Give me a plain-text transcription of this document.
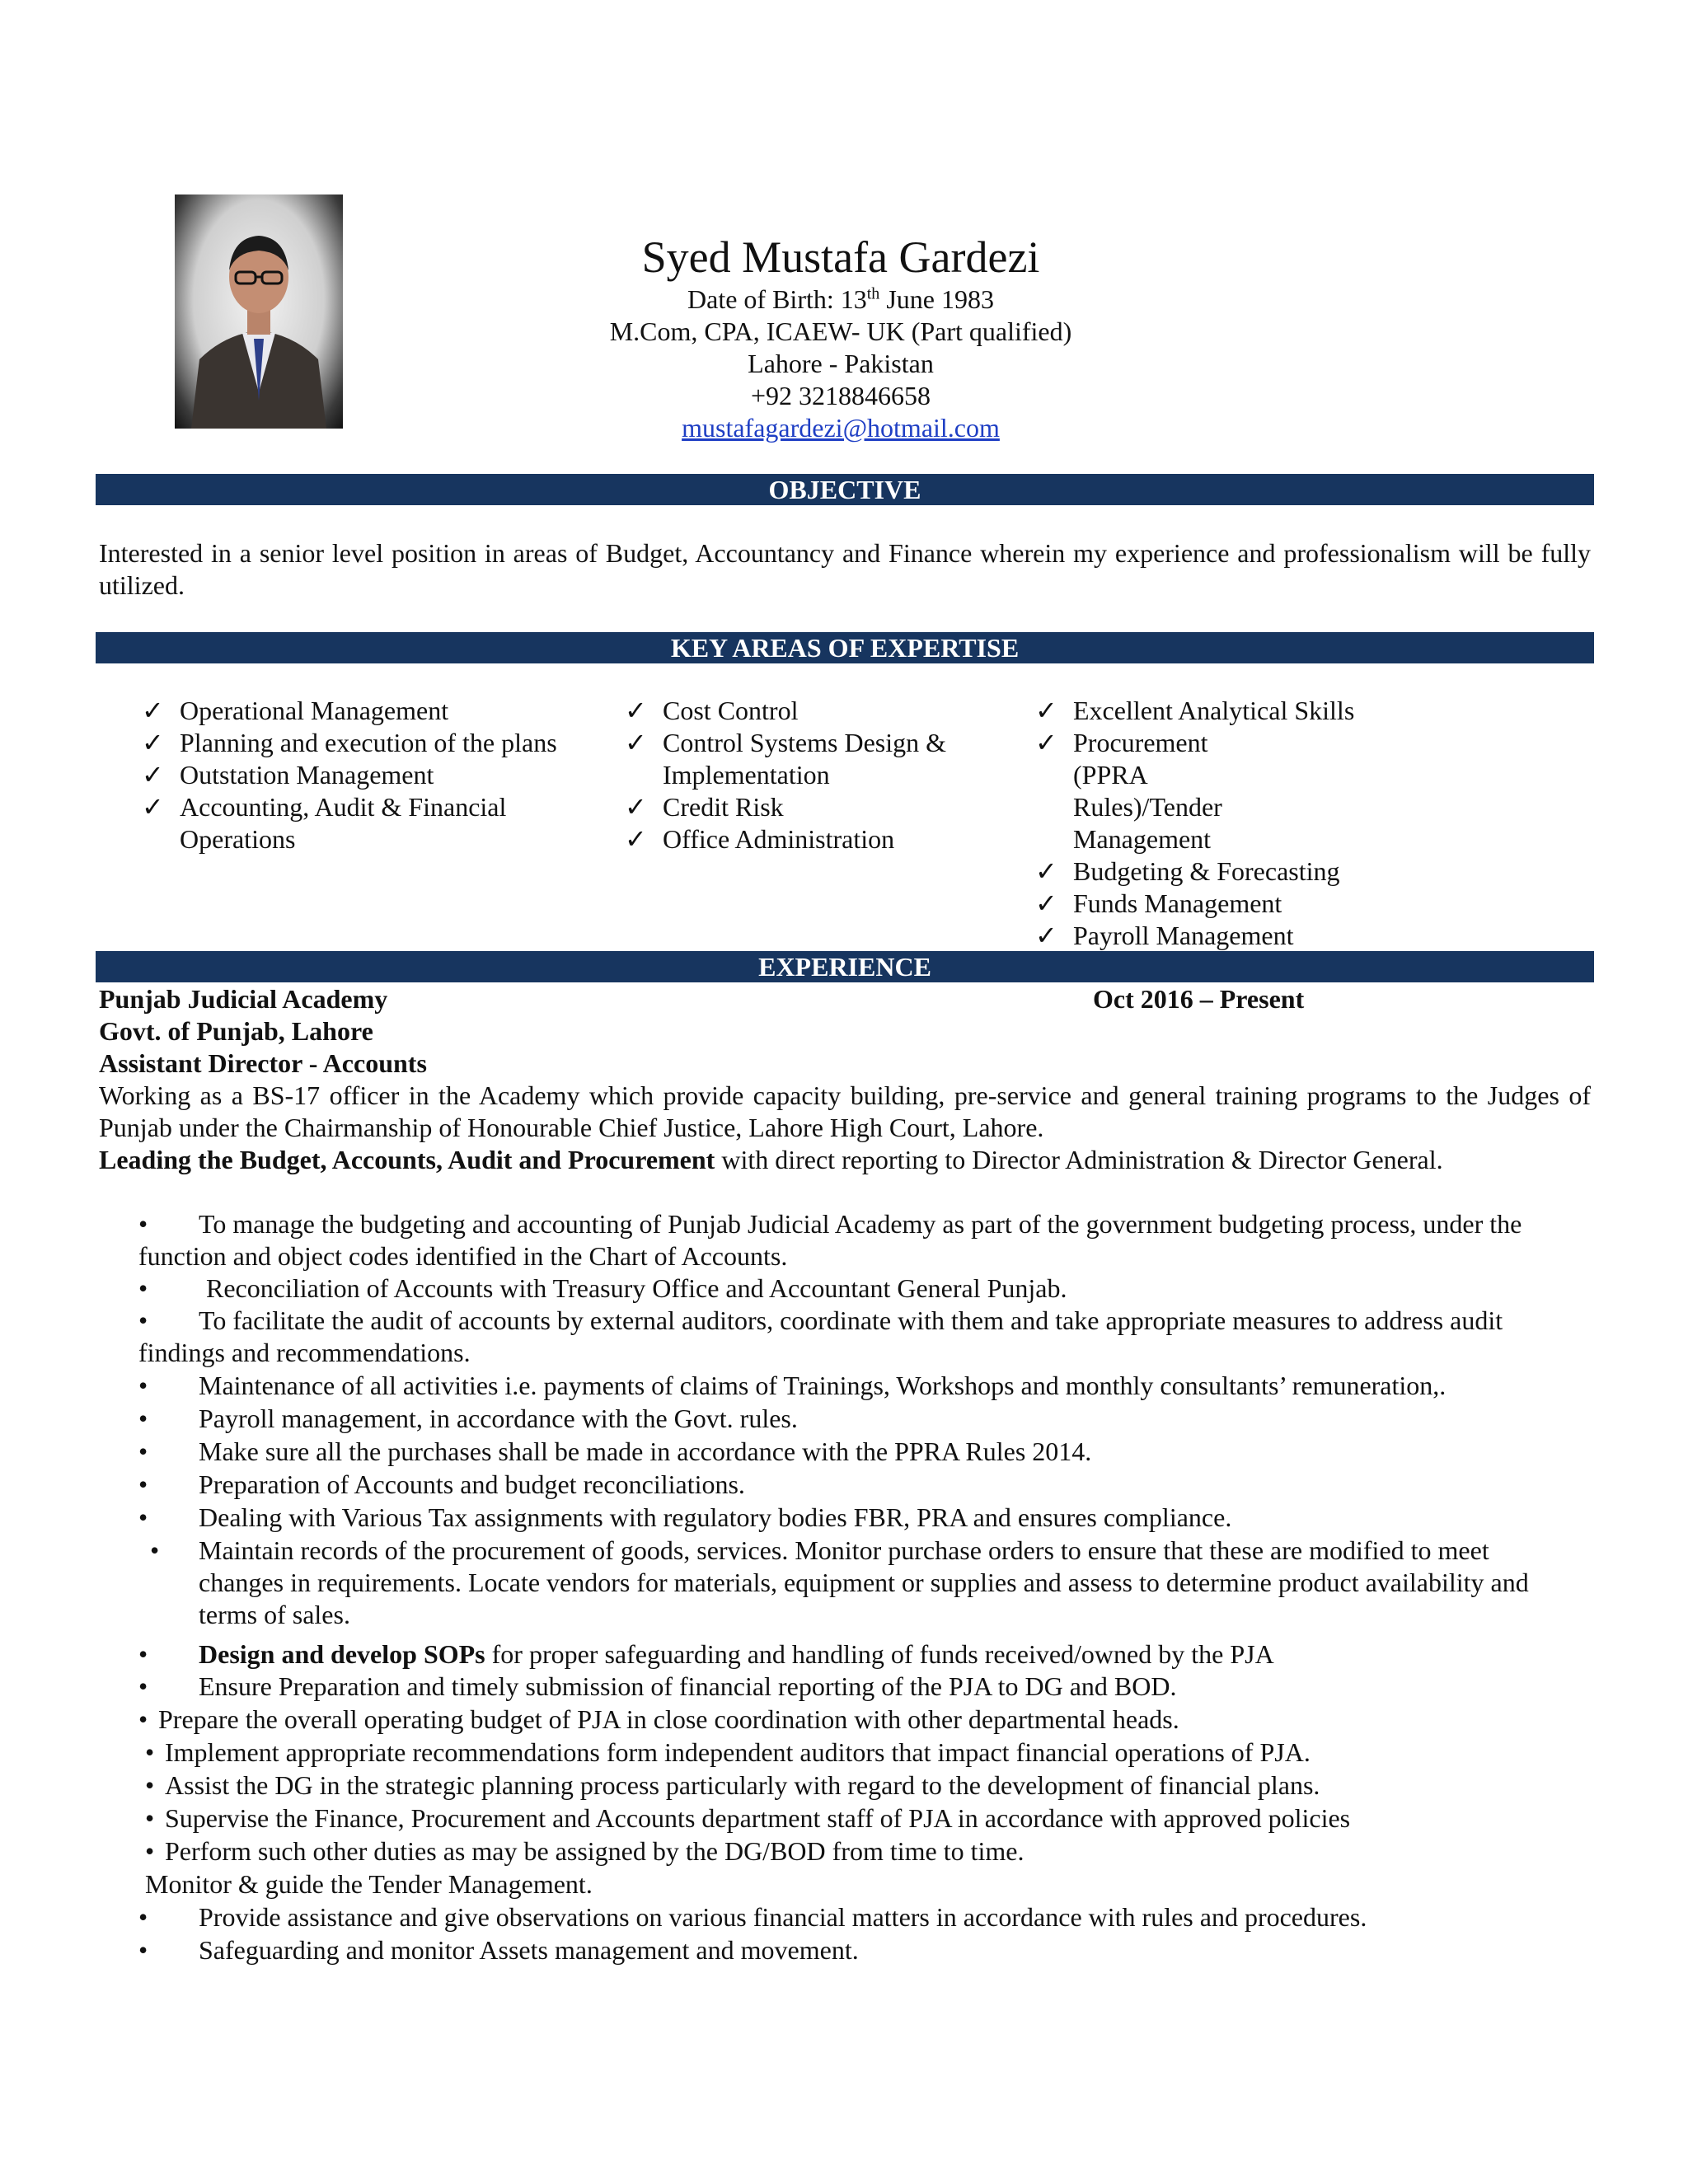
Syed Mustafa Gardezi
Date of Birth: 13th June 1983
M.Com, CPA, ICAEW- UK (Part qualified)
Lahore - Pakistan
+92 3218846658
mustafagardezi@hotmail.com
OBJECTIVE
Interested in a senior level position in areas of Budget, Accountancy and Finance wherein my experience and professionalism will be fully utilized.
KEY AREAS OF EXPERTISE
✓ Operational Management
✓ Planning and execution of the plans
✓ Outstation Management
✓ Accounting, Audit & Financial Operations
✓ Cost Control
✓ Control Systems Design & Implementation
✓ Credit Risk
✓ Office Administration
✓ Excellent Analytical Skills
✓ Procurement (PPRA Rules)/Tender Management
✓ Budgeting & Forecasting
✓ Funds Management
✓ Payroll Management
EXPERIENCE
Punjab Judicial Academy	Oct 2016 – Present
Govt. of Punjab, Lahore
Assistant Director - Accounts
Working as a BS-17 officer in the Academy which provide capacity building, pre-service and general training programs to the Judges of Punjab under the Chairmanship of Honourable Chief Justice, Lahore High Court, Lahore.
Leading the Budget, Accounts, Audit and Procurement with direct reporting to Director Administration & Director General.
• To manage the budgeting and accounting of Punjab Judicial Academy as part of the government budgeting process, under the
function and object codes identified in the Chart of Accounts.
• Reconciliation of Accounts with Treasury Office and Accountant General Punjab.
• To facilitate the audit of accounts by external auditors, coordinate with them and take appropriate measures to address audit
findings and recommendations.
• Maintenance of all activities i.e. payments of claims of Trainings, Workshops and monthly consultants’ remuneration,.
• Payroll management, in accordance with the Govt. rules.
• Make sure all the purchases shall be made in accordance with the PPRA Rules 2014.
• Preparation of Accounts and budget reconciliations.
• Dealing with Various Tax assignments with regulatory bodies FBR, PRA and ensures compliance.
• Maintain records of the procurement of goods, services. Monitor purchase orders to ensure that these are modified to meet changes in requirements. Locate vendors for materials, equipment or supplies and assess to determine product availability and terms of sales.
• Design and develop SOPs for proper safeguarding and handling of funds received/owned by the PJA
• Ensure Preparation and timely submission of financial reporting of the PJA to DG and BOD.
• Prepare the overall operating budget of PJA in close coordination with other departmental heads.
• Implement appropriate recommendations form independent auditors that impact financial operations of PJA.
• Assist the DG in the strategic planning process particularly with regard to the development of financial plans.
• Supervise the Finance, Procurement and Accounts department staff of PJA in accordance with approved policies
• Perform such other duties as may be assigned by the DG/BOD from time to time.
Monitor & guide the Tender Management.
• Provide assistance and give observations on various financial matters in accordance with rules and procedures.
• Safeguarding and monitor Assets management and movement.
